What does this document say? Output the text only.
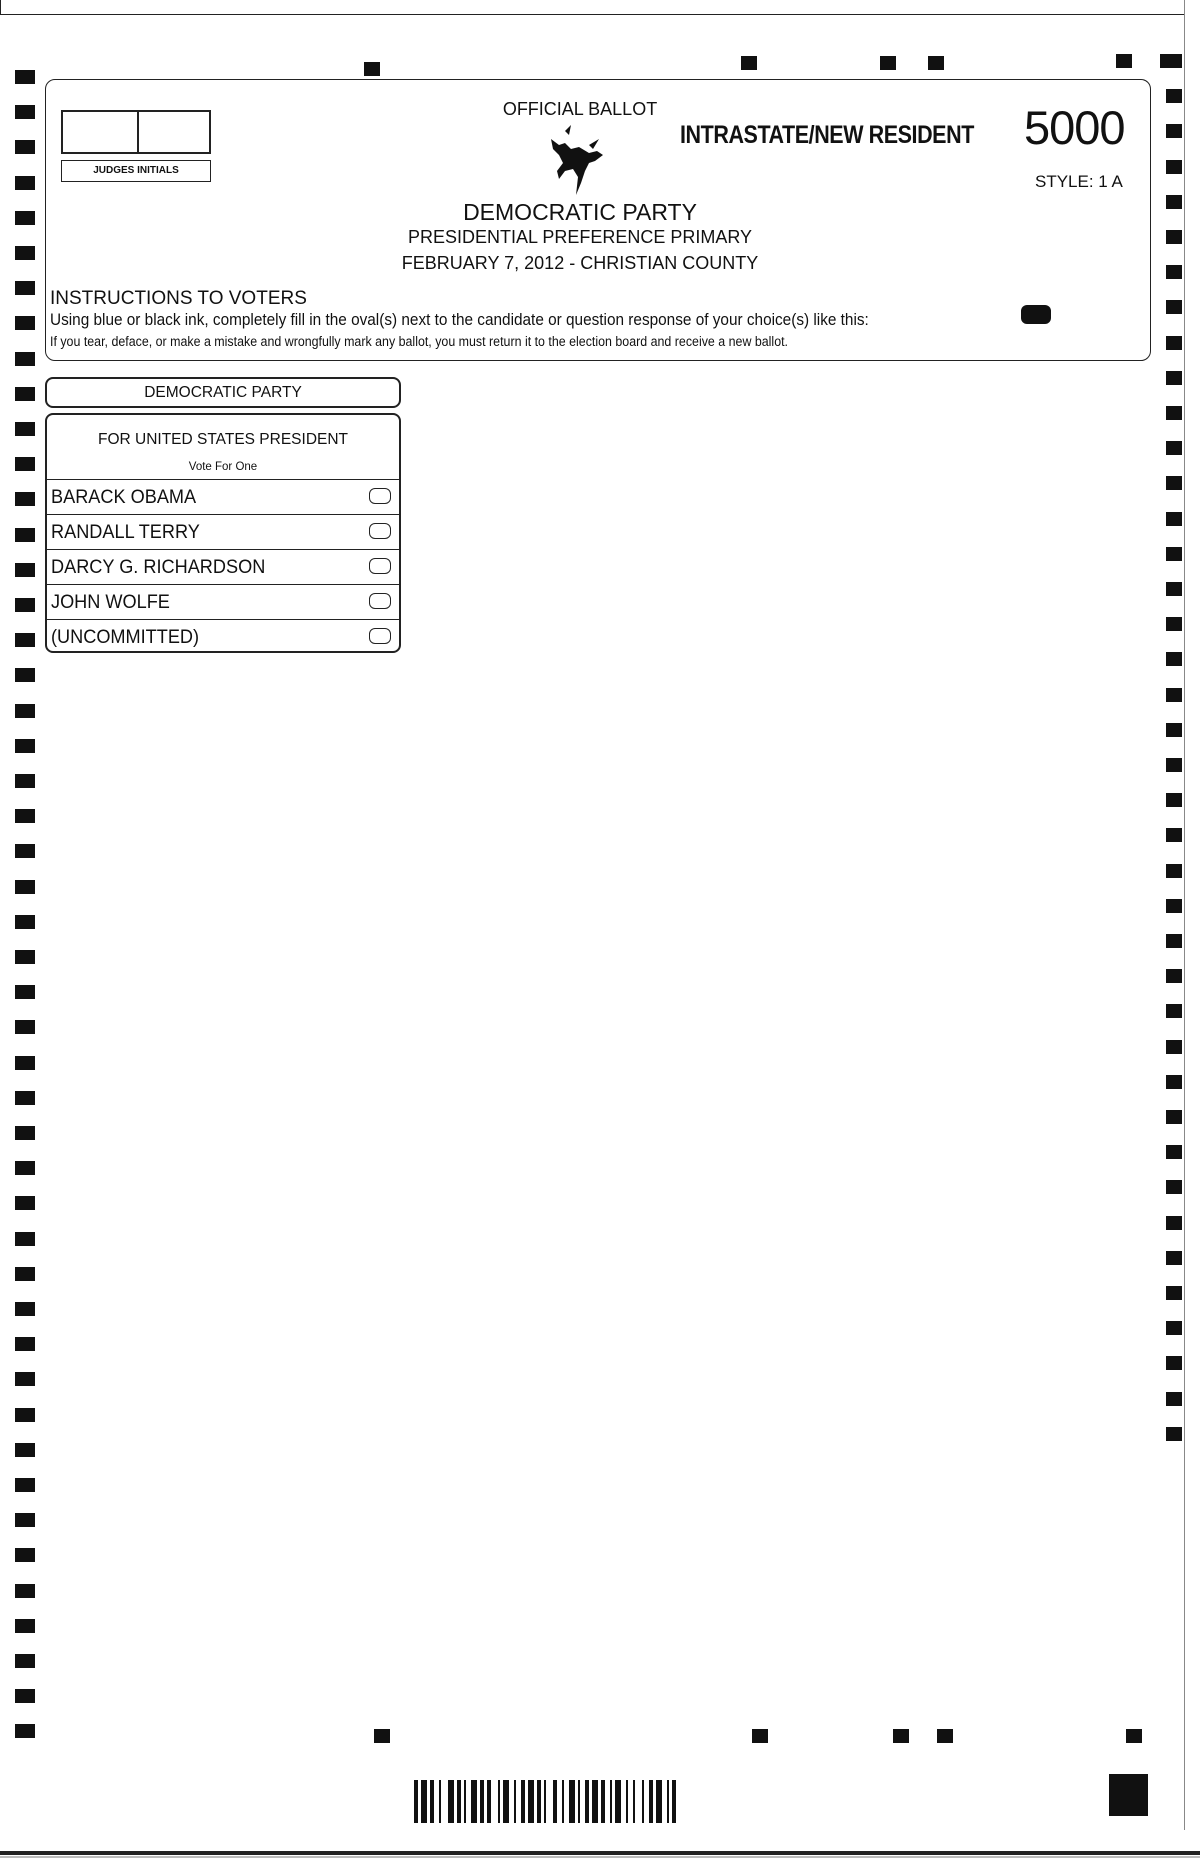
JUDGES INITIALS
OFFICIAL BALLOT
INTRASTATE/NEW RESIDENT 5000
STYLE: 1 A
DEMOCRATIC PARTY
PRESIDENTIAL PREFERENCE PRIMARY
FEBRUARY 7, 2012 - CHRISTIAN COUNTY
INSTRUCTIONS TO VOTERS
Using blue or black ink, completely fill in the oval(s) next to the candidate or question response of your choice(s) like this:
If you tear, deface, or make a mistake and wrongfully mark any ballot, you must return it to the election board and receive a new ballot.
DEMOCRATIC PARTY
FOR UNITED STATES PRESIDENT
Vote For One
BARACK OBAMA
RANDALL TERRY
DARCY G. RICHARDSON
JOHN WOLFE
(UNCOMMITTED)
